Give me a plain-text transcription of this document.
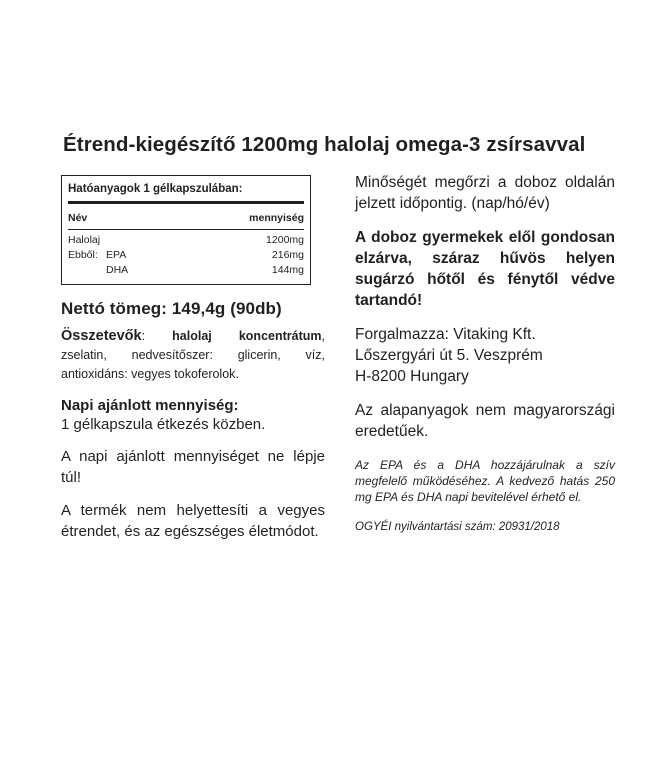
Étrend-kiegészítő 1200mg halolaj omega-3 zsírsavval
Hatóanyagok 1 gélkapszulában:
Név	mennyiség
Halolaj	1200mg
Ebből: EPA	216mg
DHA	144mg
Nettó tömeg: 149,4g (90db)
Összetevők: halolaj koncentrátum, zselatin, nedvesítőszer: glicerin, víz, antioxidáns: vegyes tokoferolok.
Napi ajánlott mennyiség:
1 gélkapszula étkezés közben.
A napi ajánlott mennyiséget ne lépje túl!
A termék nem helyettesíti a vegyes étrendet, és az egészséges életmódot.
Minőségét megőrzi a doboz oldalán jelzett időpontig. (nap/hó/év)
A doboz gyermekek elől gondosan elzárva, száraz hűvös helyen sugárzó hőtől és fénytől védve tartandó!
Forgalmazza: Vitaking Kft.
Lőszergyári út 5. Veszprém
H-8200 Hungary
Az alapanyagok nem magyarországi eredetűek.
Az EPA és a DHA hozzájárulnak a szív megfelelő működéséhez. A kedvező hatás 250 mg EPA és DHA napi bevitelével érhető el.
OGYÉI nyilvántartási szám: 20931/2018
